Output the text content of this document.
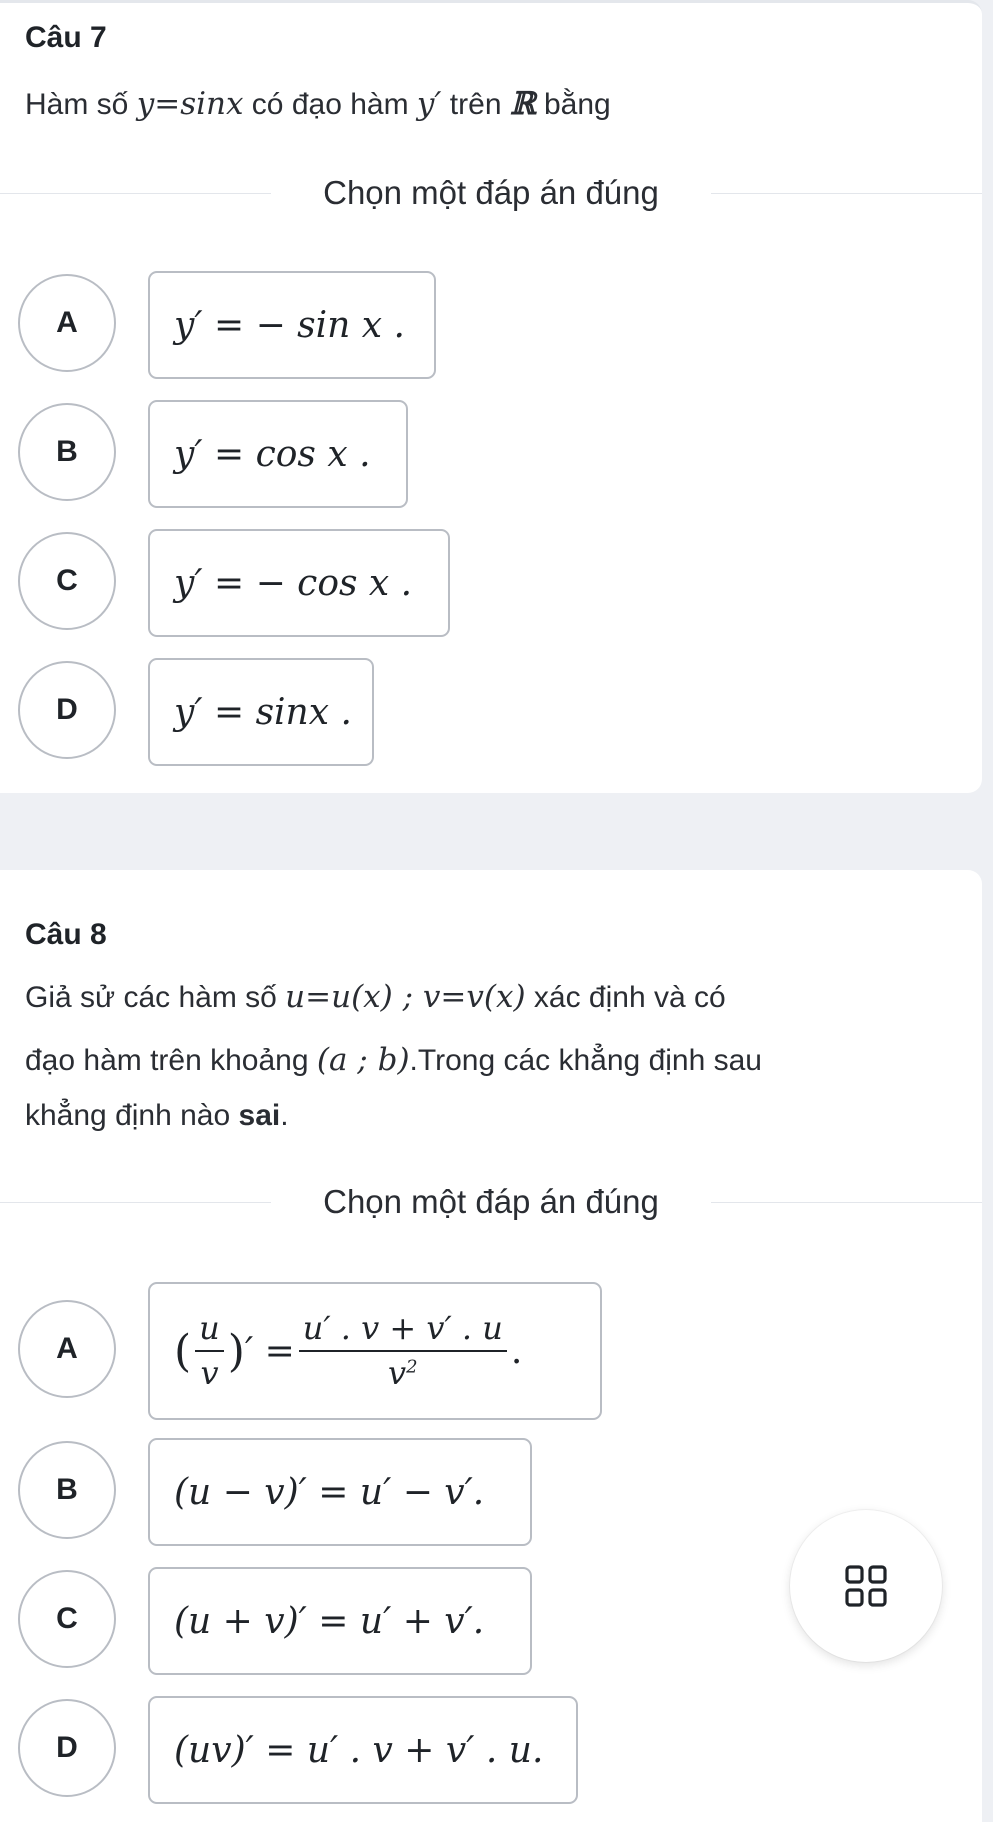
Câu 7
Hàm số y=sinx có đạo hàm y′ trên ℝ bằng
Chọn một đáp án đúng
A	y′ = − sin x .
B	y′ = cos x .
C	y′ = − cos x .
D	y′ = sinx .
Câu 8
Giả sử các hàm số u=u(x) ; v=v(x) xác định và có
đạo hàm trên khoảng (a ; b).Trong các khẳng định sau
khẳng định nào sai.
Chọn một đáp án đúng
A	( $\frac{u}{v}$ ) ′ = $\frac{u' . v + v' . u}{v^2}$ .
B	(u − v)′ = u′ − v′.
C	(u + v)′ = u′ + v′.
D	(uv)′ = u′ . v + v′ . u.
